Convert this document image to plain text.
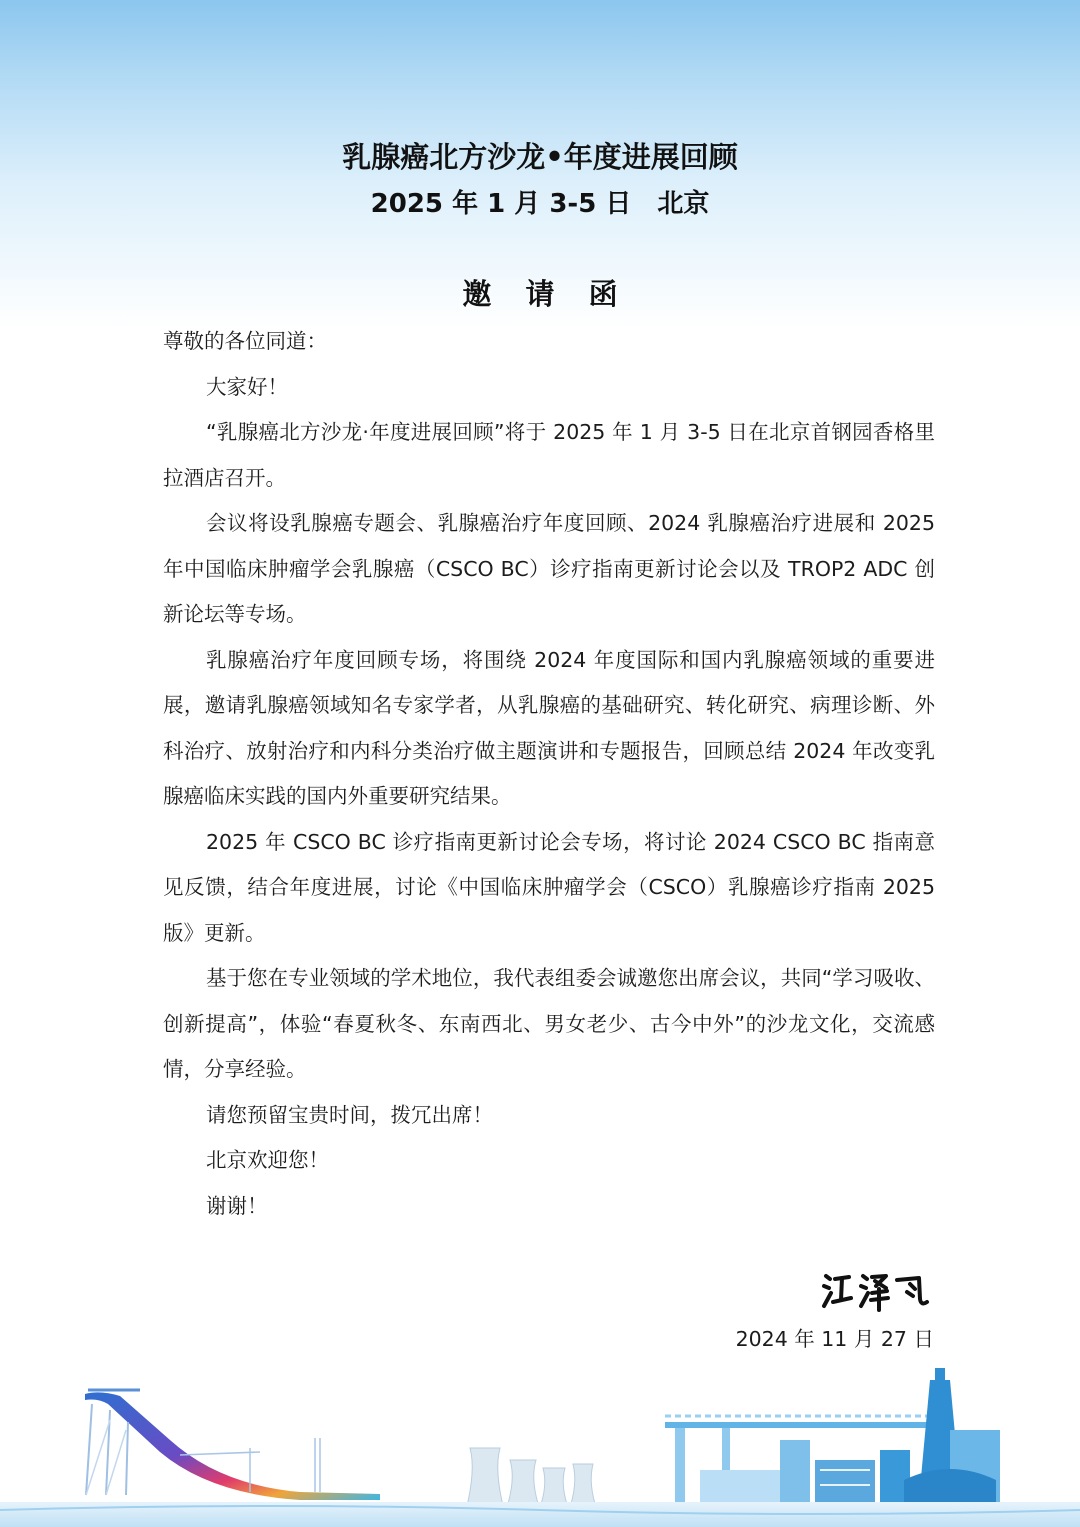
乳腺癌北方沙龙•年度进展回顾
2025 年 1 月 3-5 日　北京
邀 请 函

尊敬的各位同道：

大家好！

“乳腺癌北方沙龙·年度进展回顾”将于 2025 年 1 月 3-5 日在北京首钢园香格里拉酒店召开。

会议将设乳腺癌专题会、乳腺癌治疗年度回顾、2024 乳腺癌治疗进展和 2025 年中国临床肿瘤学会乳腺癌（CSCO BC）诊疗指南更新讨论会以及 TROP2 ADC 创新论坛等专场。

乳腺癌治疗年度回顾专场，将围绕 2024 年度国际和国内乳腺癌领域的重要进展，邀请乳腺癌领域知名专家学者，从乳腺癌的基础研究、转化研究、病理诊断、外科治疗、放射治疗和内科分类治疗做主题演讲和专题报告，回顾总结 2024 年改变乳腺癌临床实践的国内外重要研究结果。

2025 年 CSCO BC 诊疗指南更新讨论会专场，将讨论 2024 CSCO BC 指南意见反馈，结合年度进展，讨论《中国临床肿瘤学会（CSCO）乳腺癌诊疗指南 2025 版》更新。

基于您在专业领域的学术地位，我代表组委会诚邀您出席会议，共同“学习吸收、创新提高”，体验“春夏秋冬、东南西北、男女老少、古今中外”的沙龙文化，交流感情，分享经验。

请您预留宝贵时间，拨冗出席！

北京欢迎您！

谢谢！

2024 年 11 月 27 日
